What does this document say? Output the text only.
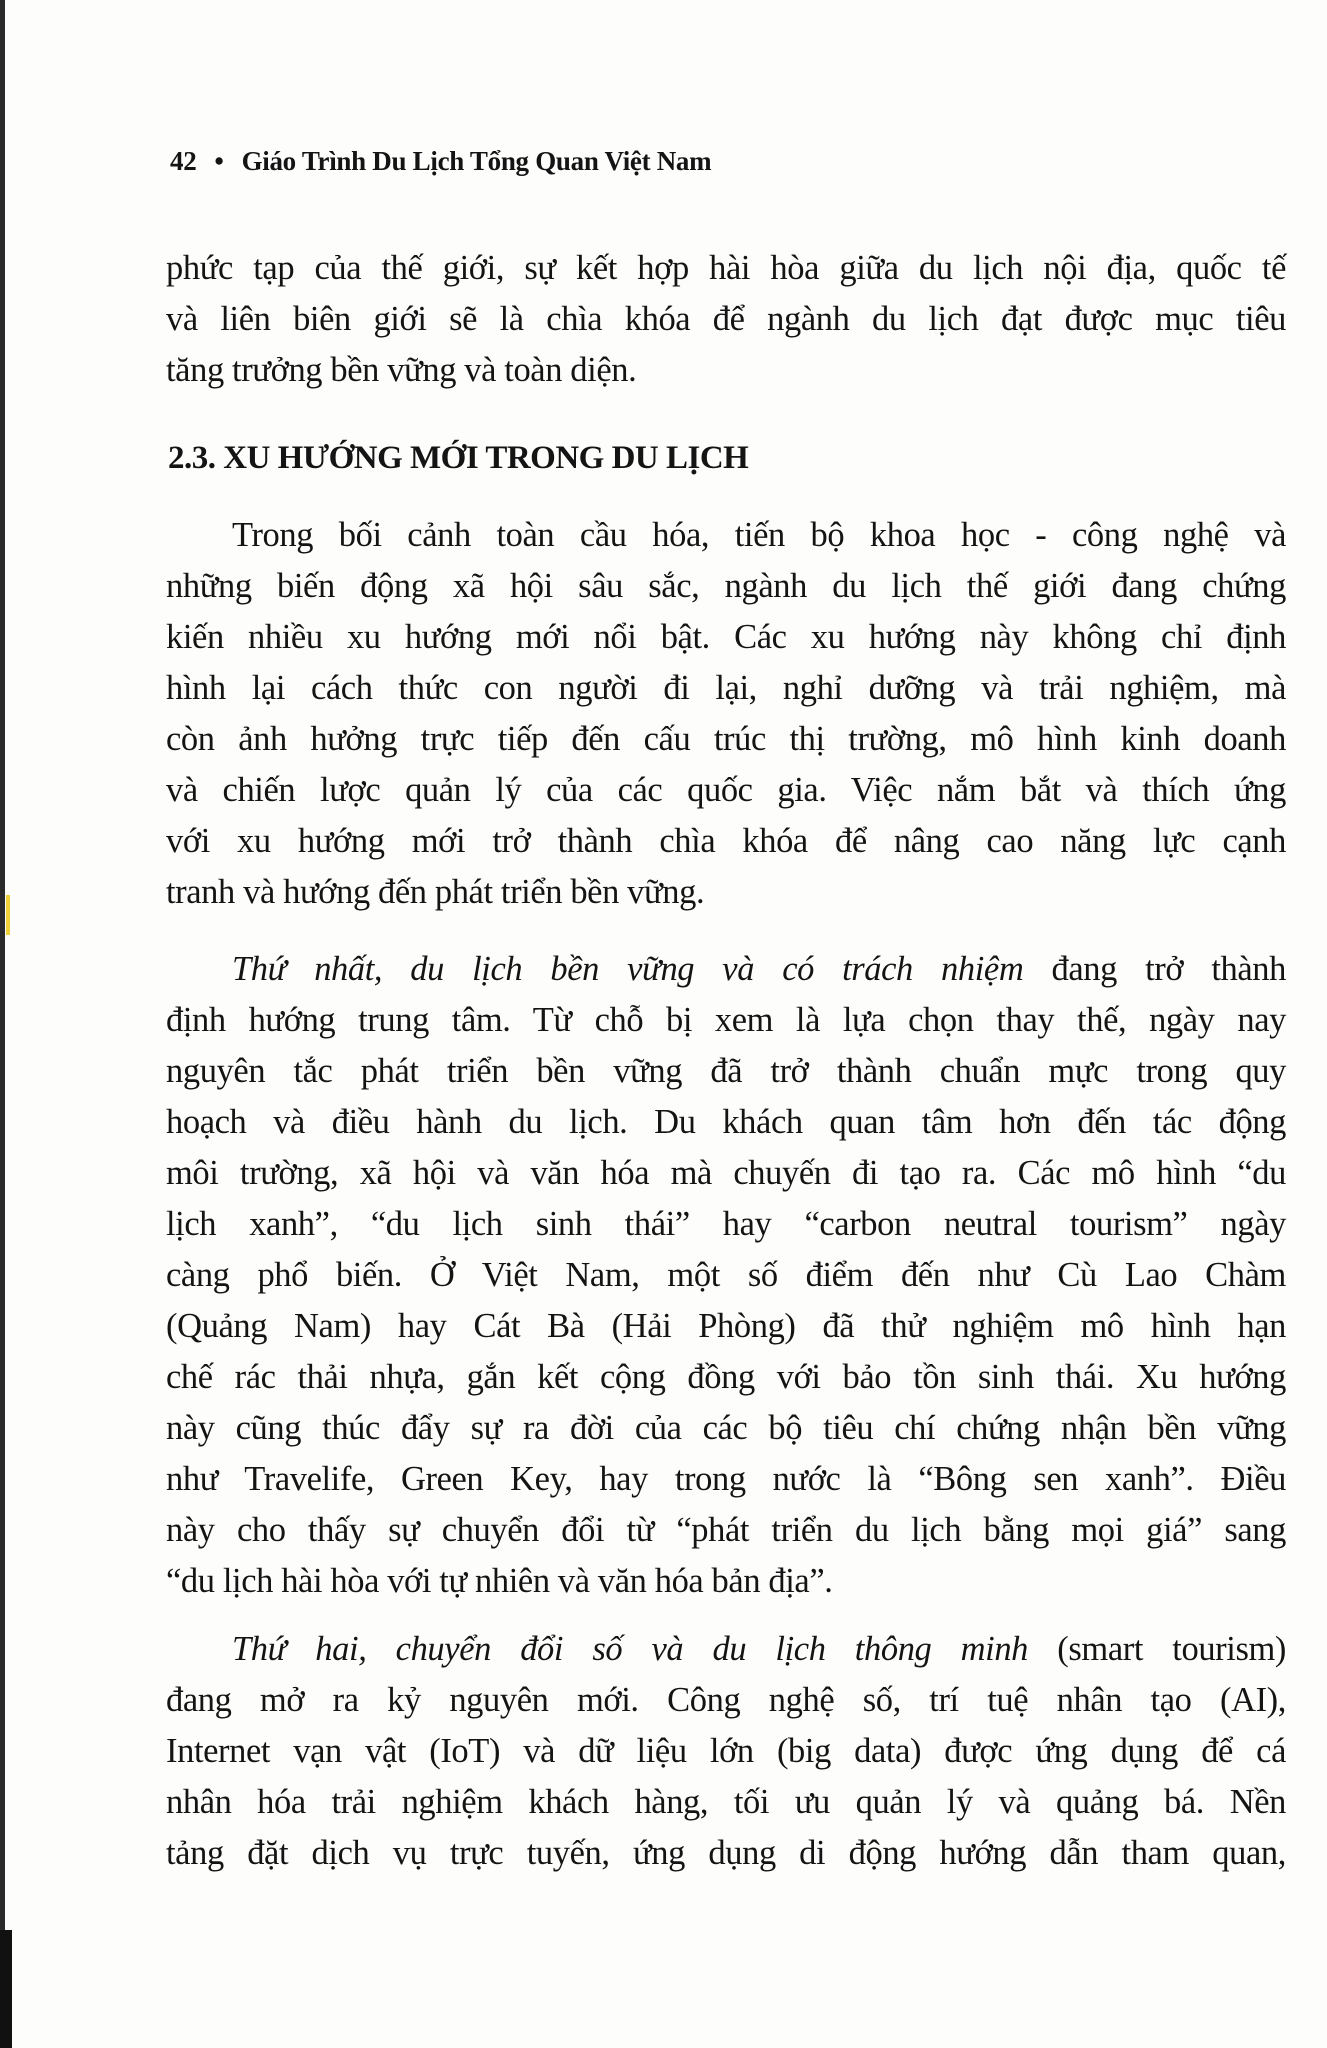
42 • Giáo Trình Du Lịch Tổng Quan Việt Nam
2.3. XU HƯỚNG MỚI TRONG DU LỊCH
phức tạp của thế giới, sự kết hợp hài hòa giữa du lịch nội địa, quốc tế
và liên biên giới sẽ là chìa khóa để ngành du lịch đạt được mục tiêu
tăng trưởng bền vững và toàn diện.
Trong bối cảnh toàn cầu hóa, tiến bộ khoa học - công nghệ và
những biến động xã hội sâu sắc, ngành du lịch thế giới đang chứng
kiến nhiều xu hướng mới nổi bật. Các xu hướng này không chỉ định
hình lại cách thức con người đi lại, nghỉ dưỡng và trải nghiệm, mà
còn ảnh hưởng trực tiếp đến cấu trúc thị trường, mô hình kinh doanh
và chiến lược quản lý của các quốc gia. Việc nắm bắt và thích ứng
với xu hướng mới trở thành chìa khóa để nâng cao năng lực cạnh
tranh và hướng đến phát triển bền vững.
Thứ nhất, du lịch bền vững và có trách nhiệm đang trở thành
định hướng trung tâm. Từ chỗ bị xem là lựa chọn thay thế, ngày nay
nguyên tắc phát triển bền vững đã trở thành chuẩn mực trong quy
hoạch và điều hành du lịch. Du khách quan tâm hơn đến tác động
môi trường, xã hội và văn hóa mà chuyến đi tạo ra. Các mô hình “du
lịch xanh”, “du lịch sinh thái” hay “carbon neutral tourism” ngày
càng phổ biến. Ở Việt Nam, một số điểm đến như Cù Lao Chàm
(Quảng Nam) hay Cát Bà (Hải Phòng) đã thử nghiệm mô hình hạn
chế rác thải nhựa, gắn kết cộng đồng với bảo tồn sinh thái. Xu hướng
này cũng thúc đẩy sự ra đời của các bộ tiêu chí chứng nhận bền vững
như Travelife, Green Key, hay trong nước là “Bông sen xanh”. Điều
này cho thấy sự chuyển đổi từ “phát triển du lịch bằng mọi giá” sang
“du lịch hài hòa với tự nhiên và văn hóa bản địa”.
Thứ hai, chuyển đổi số và du lịch thông minh (smart tourism)
đang mở ra kỷ nguyên mới. Công nghệ số, trí tuệ nhân tạo (AI),
Internet vạn vật (IoT) và dữ liệu lớn (big data) được ứng dụng để cá
nhân hóa trải nghiệm khách hàng, tối ưu quản lý và quảng bá. Nền
tảng đặt dịch vụ trực tuyến, ứng dụng di động hướng dẫn tham quan,
